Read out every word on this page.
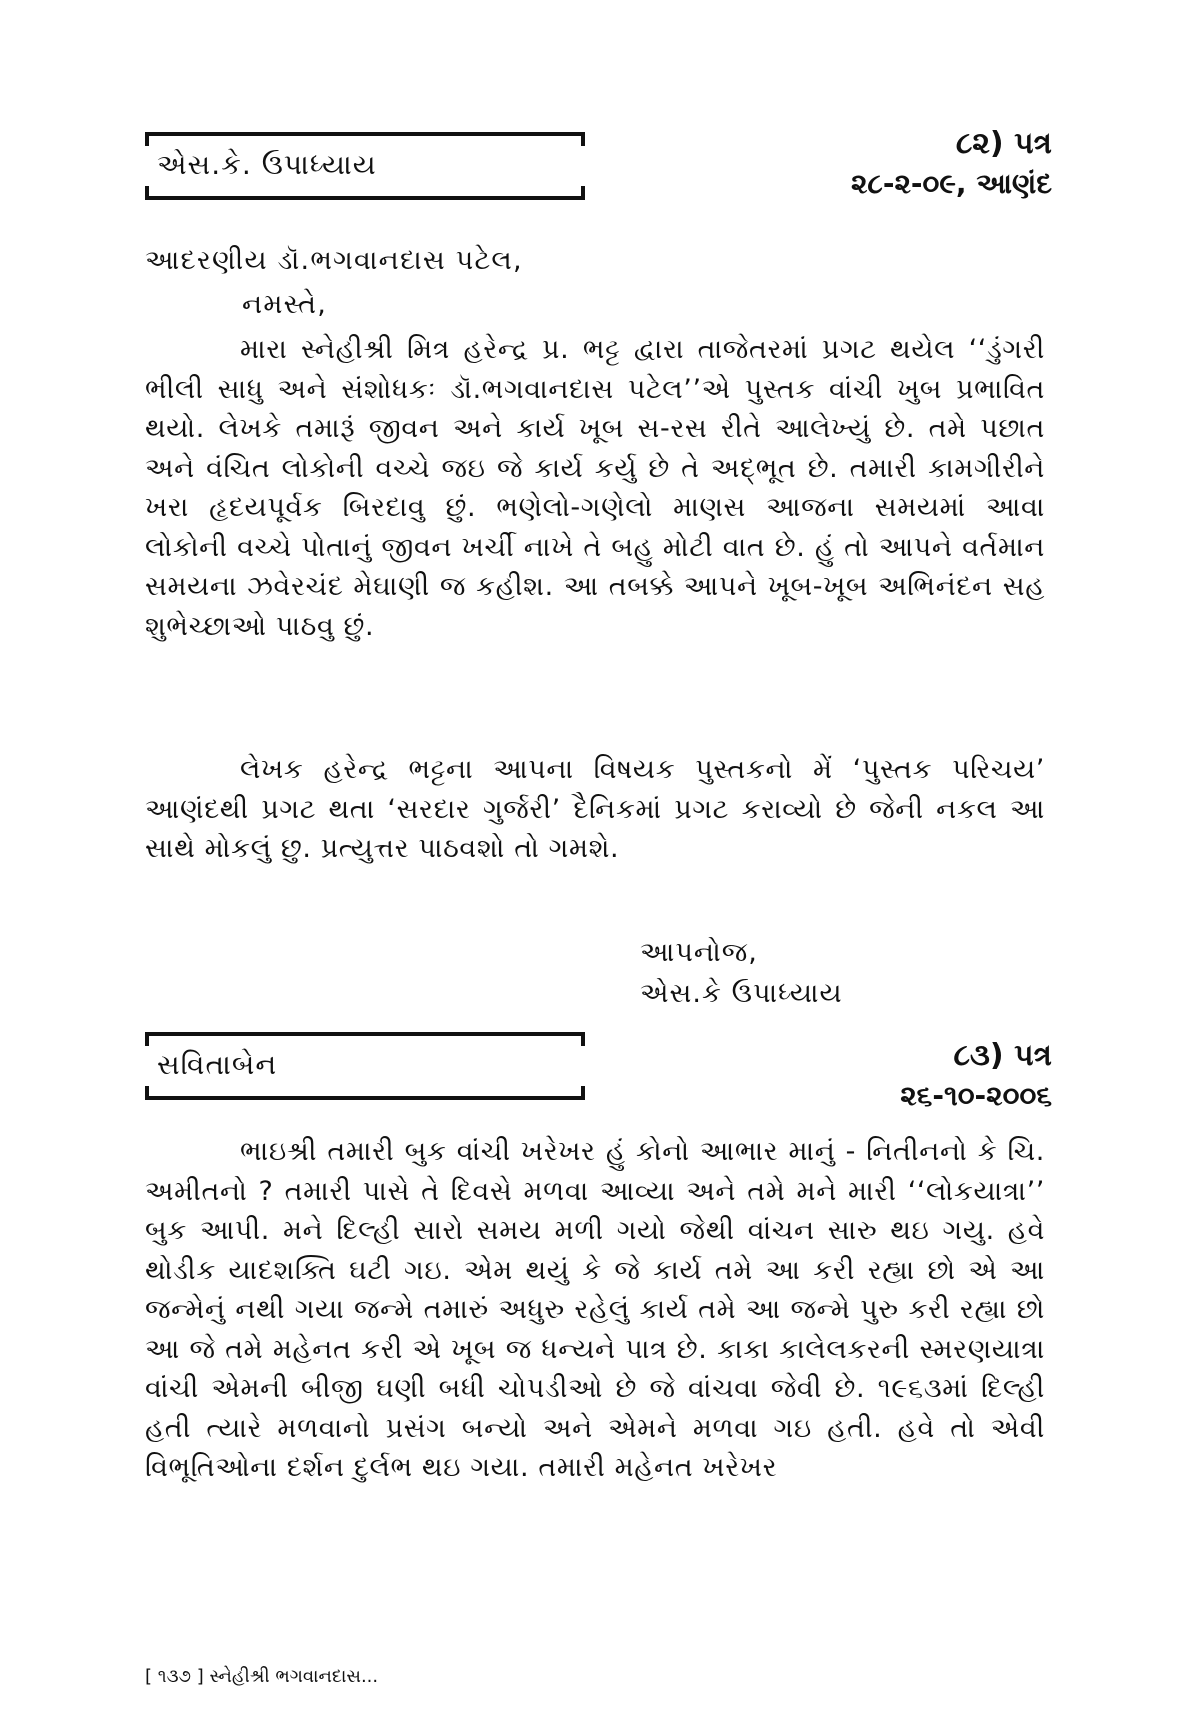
એસ.કે. ઉપાધ્યાય
૮૨) પત્ર
૨૮-૨-૦૯, આણંદ
આદરણીય ડૉ.ભગવાનદાસ પટેલ,
નમસ્તે,
મારા સ્નેહીશ્રી મિત્ર હરેન્દ્ર પ્ર. ભટ્ટ દ્વારા તાજેતરમાં પ્રગટ થયેલ ‘‘ડુંગરી ભીલી સાધુ અને સંશોધકઃ ડૉ.ભગવાનદાસ પટેલ’’એ પુસ્તક વાંચી ખુબ પ્રભાવિત થયો. લેખકે તમારૂં જીવન અને કાર્ય ખૂબ સ-રસ રીતે આલેખ્યું છે. તમે પછાત અને વંચિત લોકોની વચ્ચે જઇ જે કાર્ય કર્યુ છે તે અદ્‌ભૂત છે. તમારી કામગીરીને ખરા હૃદયપૂર્વક બિરદાવુ છું. ભણેલો-ગણેલો માણસ આજના સમયમાં આવા લોકોની વચ્ચે પોતાનું જીવન ખર્ચી નાખે તે બહુ મોટી વાત છે. હું તો આપને વર્તમાન સમયના ઝવેરચંદ મેઘાણી જ કહીશ. આ તબક્કે આપને ખૂબ-ખૂબ અભિનંદન સહ શુભેચ્છાઓ પાઠવુ છું.
લેખક હરેન્દ્ર ભટ્ટના આપના વિષયક પુસ્તકનો મેં ‘પુસ્તક પરિચય’ આણંદથી પ્રગટ થતા ‘સરદાર ગુર્જરી’ દૈનિકમાં પ્રગટ કરાવ્યો છે જેની નકલ આ સાથે મોકલું છુ. પ્રત્યુત્તર પાઠવશો તો ગમશે.
આપનોજ,
એસ.કે ઉપાધ્યાય
સવિતાબેન	૮૩) પત્ર
૨૬-૧૦-૨૦૦૬
ભાઇશ્રી તમારી બુક વાંચી ખરેખર હું કોનો આભાર માનું - નિતીનનો કે ચિ. અમીતનો ? તમારી પાસે તે દિવસે મળવા આવ્યા અને તમે મને મારી ‘‘લોકયાત્રા’’ બુક આપી. મને દિલ્હી સારો સમય મળી ગયો જેથી વાંચન સારુ થઇ ગયુ. હવે થોડીક યાદશક્તિ ઘટી ગઇ. એમ થયું કે જે કાર્ય તમે આ કરી રહ્યા છો એ આ જન્મેનું નથી ગયા જન્મે તમારું અધુરુ રહેલું કાર્ય તમે આ જન્મે પુરુ કરી રહ્યા છો આ જે તમે મહેનત કરી એ ખૂબ જ ધન્યને પાત્ર છે. કાકા કાલેલકરની સ્મરણયાત્રા વાંચી એમની બીજી ઘણી બધી ચોપડીઓ છે જે વાંચવા જેવી છે. ૧૯૬૩માં દિલ્હી હતી ત્યારે મળવાનો પ્રસંગ બન્યો અને એમને મળવા ગઇ હતી. હવે તો એવી વિભૂતિઓના દર્શન દુર્લભ થઇ ગયા. તમારી મહેનત ખરેખર
[ ૧૩૭ ] સ્નેહીશ્રી ભગવાનદાસ...
